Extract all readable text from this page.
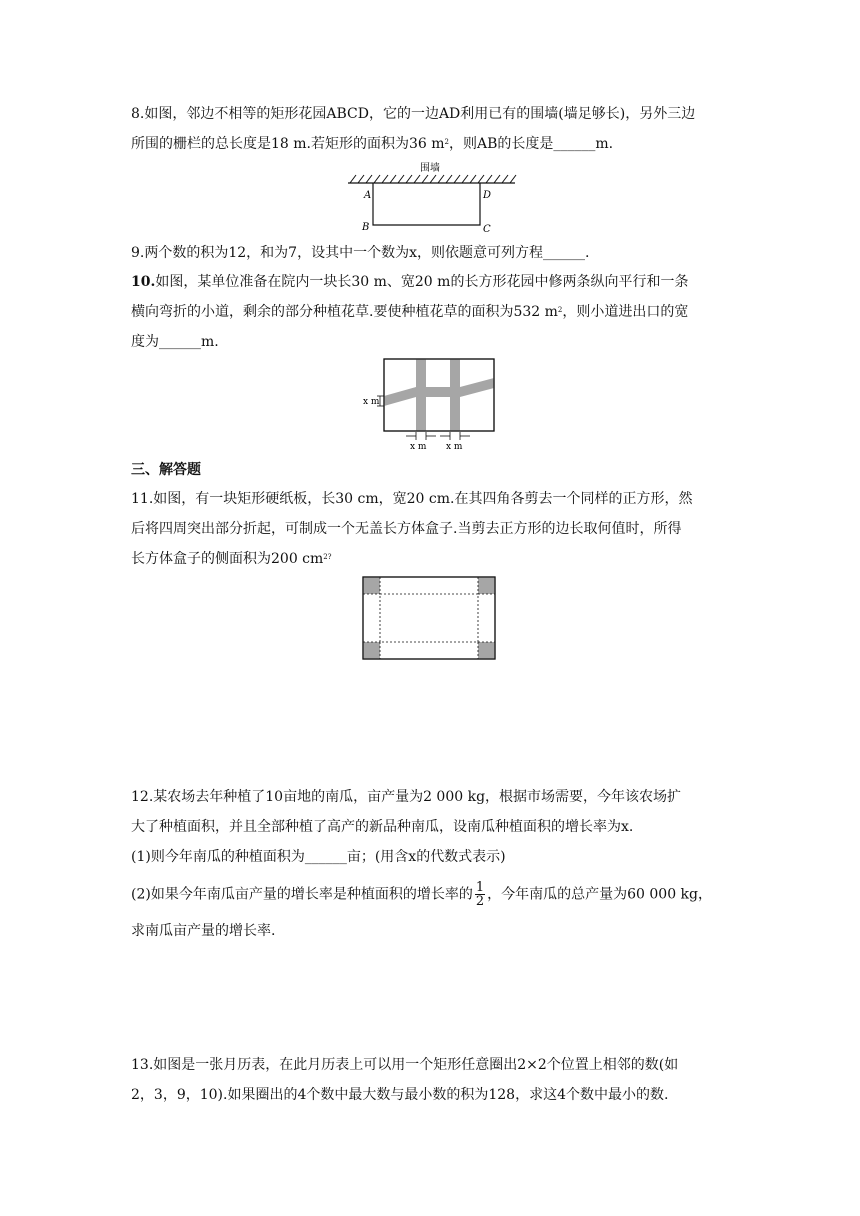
8.如图，邻边不相等的矩形花园ABCD，它的一边AD利用已有的围墙(墙足够长)，另外三边
所围的栅栏的总长度是18 m.若矩形的面积为36 $m^2$，则AB的长度是______m.
围墙
A	D
B	C
9.两个数的积为12，和为7，设其中一个数为x，则依题意可列方程______.
10.如图，某单位准备在院内一块长30 m、宽20 m的长方形花园中修两条纵向平行和一条
横向弯折的小道，剩余的部分种植花草.要使种植花草的面积为532 $m^2$，则小道进出口的宽
度为______m.
x m
x m x m
三、解答题
11.如图，有一块矩形硬纸板，长30 cm，宽20 cm.在其四角各剪去一个同样的正方形，然
后将四周突出部分折起，可制成一个无盖长方体盒子.当剪去正方形的边长取何值时，所得
长方体盒子的侧面积为200 $cm^{2?}$
12.某农场去年种植了10亩地的南瓜，亩产量为2 000 kg，根据市场需要，今年该农场扩
大了种植面积，并且全部种植了高产的新品种南瓜，设南瓜种植面积的增长率为x.
(1)则今年南瓜的种植面积为______亩；(用含x的代数式表示)
(2)如果今年南瓜亩产量的增长率是种植面积的增长率的 $\frac{1}{2}$ ，今年南瓜的总产量为60 000 kg，
求南瓜亩产量的增长率.
13.如图是一张月历表，在此月历表上可以用一个矩形任意圈出2×2个位置上相邻的数(如
2，3，9，10).如果圈出的4个数中最大数与最小数的积为128，求这4个数中最小的数.
